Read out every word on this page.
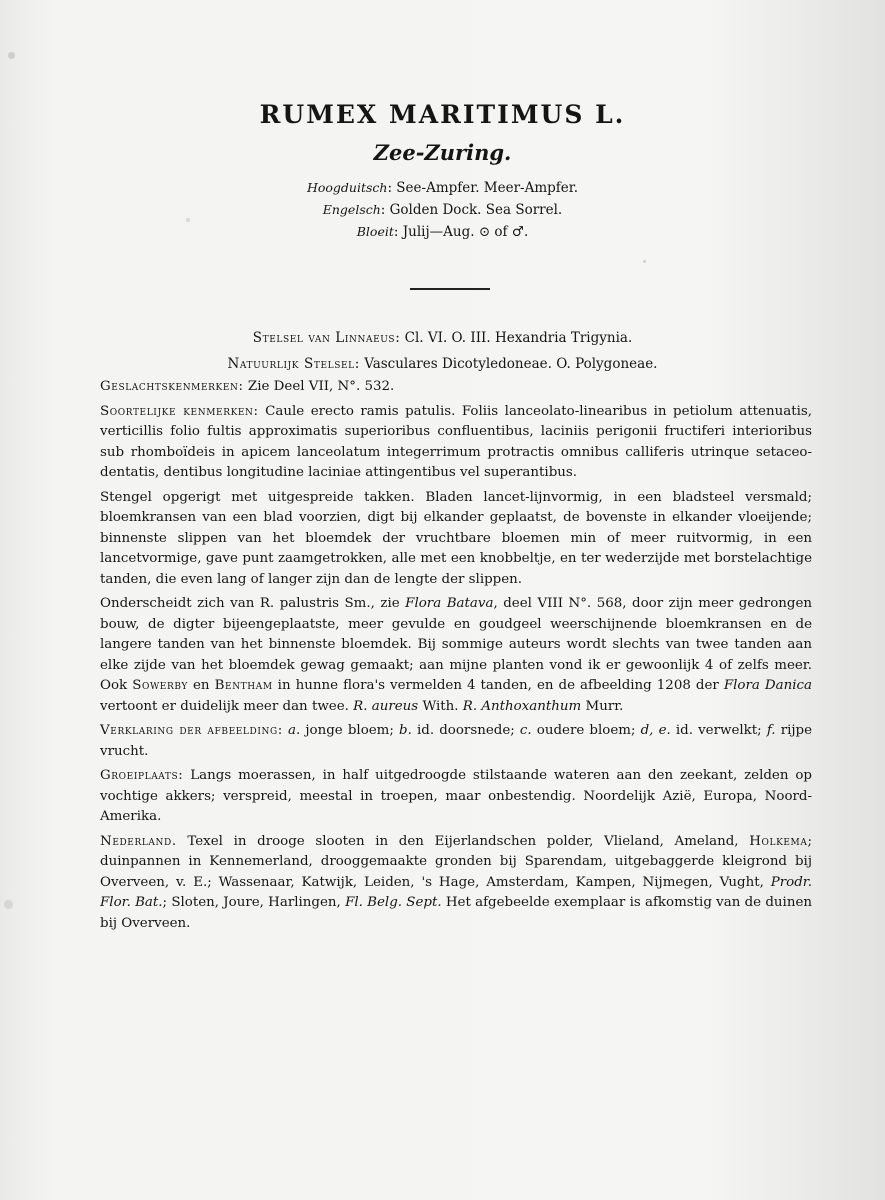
RUMEX MARITIMUS L.
Zee-Zuring.
Hoogduitsch: See-Ampfer. Meer-Ampfer.
Engelsch: Golden Dock. Sea Sorrel.
Bloeit: Julij—Aug. ⊙ of ♂.
Stelsel van Linnaeus: Cl. VI. O. III. Hexandria Trigynia.
Natuurlijk Stelsel: Vasculares Dicotyledoneae. O. Polygoneae.

Geslachtskenmerken: Zie Deel VII, N°. 532.

Soortelijke kenmerken: Caule erecto ramis patulis. Foliis lanceolato-linearibus in petiolum attenuatis, verticillis folio fultis approximatis superioribus confluentibus, laciniis perigonii fructiferi interioribus sub rhomboïdeis in apicem lanceolatum integerrimum protractis omnibus calliferis utrinque setaceo-dentatis, dentibus longitudine laciniae attingentibus vel superantibus.

Stengel opgerigt met uitgespreide takken. Bladen lancet-lijnvormig, in een bladsteel versmald; bloemkransen van een blad voorzien, digt bij elkander geplaatst, de bovenste in elkander vloeijende; binnenste slippen van het bloemdek der vruchtbare bloemen min of meer ruitvormig, in een lancetvormige, gave punt zaamgetrokken, alle met een knobbeltje, en ter wederzijde met borstelachtige tanden, die even lang of langer zijn dan de lengte der slippen.

Onderscheidt zich van R. palustris Sm., zie Flora Batava, deel VIII N°. 568, door zijn meer gedrongen bouw, de digter bijeengeplaatste, meer gevulde en goudgeel weerschijnende bloemkransen en de langere tanden van het binnenste bloemdek. Bij sommige auteurs wordt slechts van twee tanden aan elke zijde van het bloemdek gewag gemaakt; aan mijne planten vond ik er gewoonlijk 4 of zelfs meer. Ook Sowerby en Bentham in hunne flora's vermelden 4 tanden, en de afbeelding 1208 der Flora Danica vertoont er duidelijk meer dan twee. R. aureus With. R. Anthoxanthum Murr.

Verklaring der afbeelding: a. jonge bloem; b. id. doorsnede; c. oudere bloem; d, e. id. verwelkt; f. rijpe vrucht.

Groeiplaats: Langs moerassen, in half uitgedroogde stilstaande wateren aan den zeekant, zelden op vochtige akkers; verspreid, meestal in troepen, maar onbestendig. Noordelijk Azië, Europa, Noord-Amerika.

Nederland. Texel in drooge slooten in den Eijerlandschen polder, Vlieland, Ameland, Holkema; duinpannen in Kennemerland, drooggemaakte gronden bij Sparendam, uitgebaggerde kleigrond bij Overveen, v. E.; Wassenaar, Katwijk, Leiden, 's Hage, Amsterdam, Kampen, Nijmegen, Vught, Prodr. Flor. Bat.; Sloten, Joure, Harlingen, Fl. Belg. Sept. Het afgebeelde exemplaar is afkomstig van de duinen bij Overveen.
